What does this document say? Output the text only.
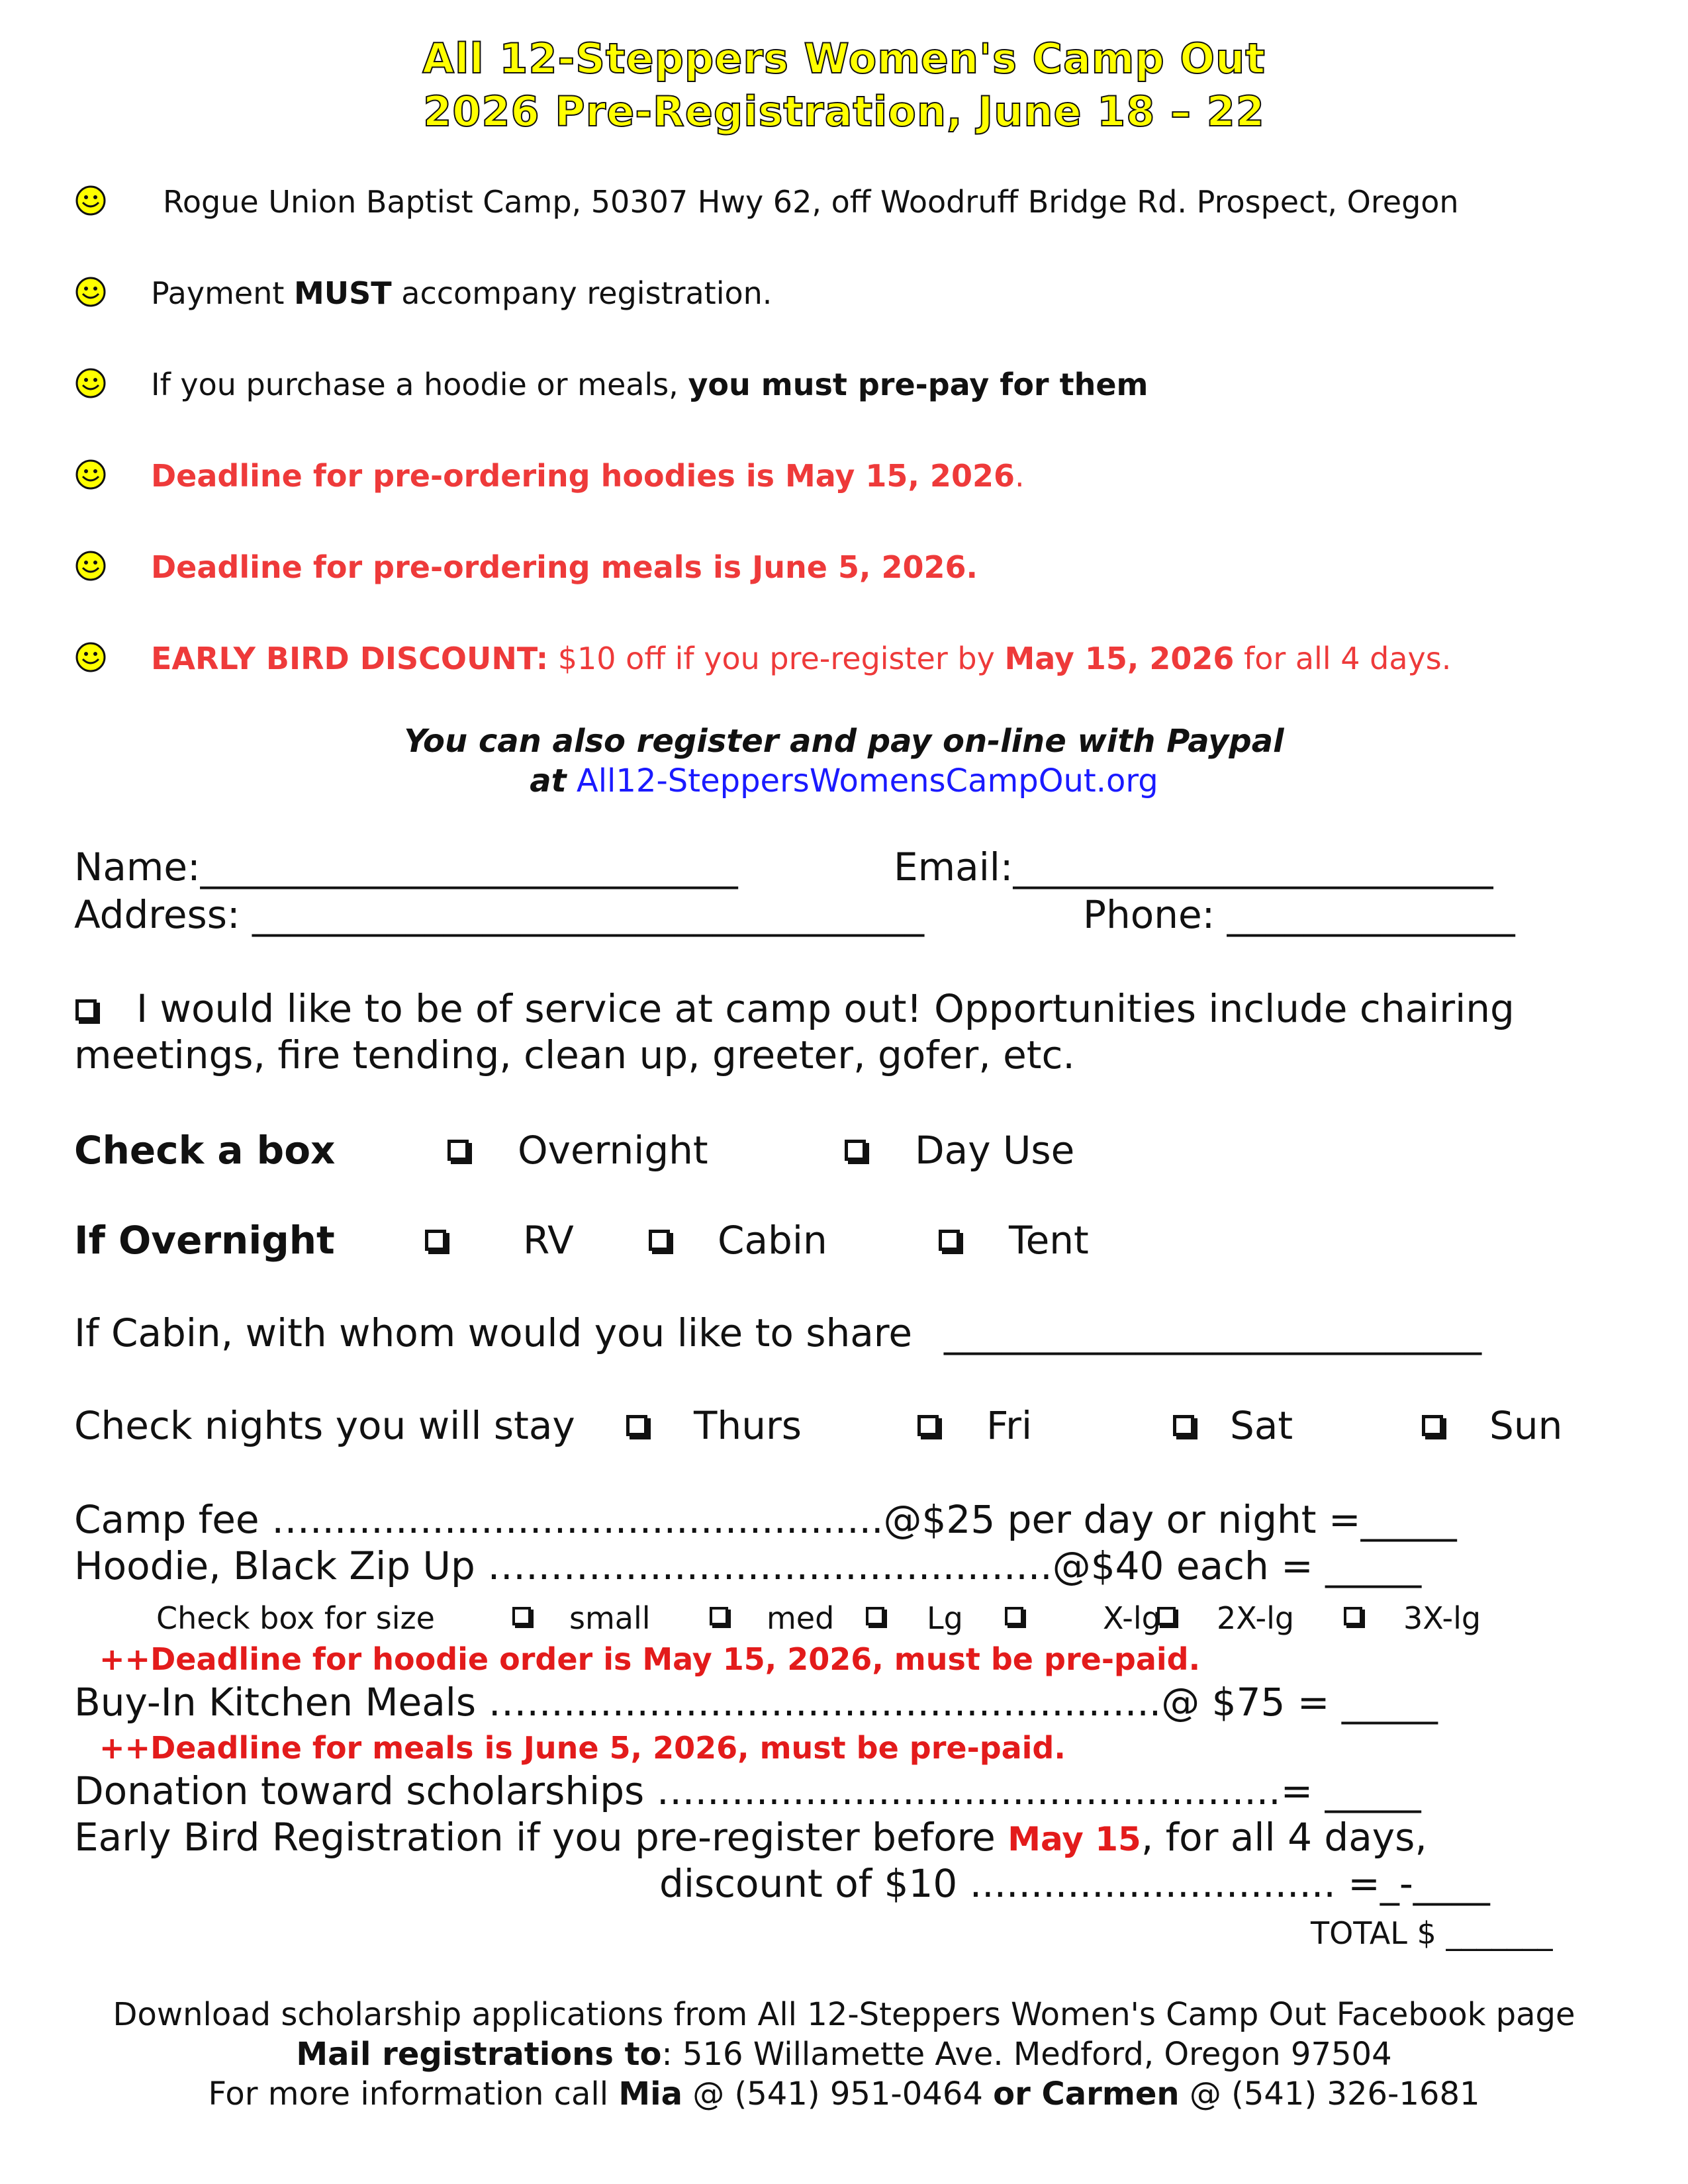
All 12-Steppers Women's Camp Out
2026 Pre-Registration, June 18 – 22
Rogue Union Baptist Camp, 50307 Hwy 62, off Woodruff Bridge Rd. Prospect, Oregon
Payment MUST accompany registration.
If you purchase a hoodie or meals, you must pre-pay for them
Deadline for pre-ordering hoodies is May 15, 2026.
Deadline for pre-ordering meals is June 5, 2026.
EARLY BIRD DISCOUNT: $10 off if you pre-register by May 15, 2026 for all 4 days.
You can also register and pay on-line with Paypal
at All12-SteppersWomensCampOut.org
Name:____________________________	Email:_________________________
Address: ___________________________________	Phone: _______________
I would like to be of service at camp out! Opportunities include chairing
meetings, fire tending, clean up, greeter, gofer, etc.
Check a box	Overnight	Day Use
If Overnight	RV	Cabin	Tent
If Cabin, with whom would you like to share ____________________________
Check nights you will stay	Thurs	Fri	Sat	Sun
Camp fee …...............................................@$25 per day or night =_____
Hoodie, Black Zip Up …..…......................................@$40 each = _____
Check box for size	small	med	Lg	X-lg 2X-lg	3X-lg
++Deadline for hoodie order is May 15, 2026, must be pre-paid.
Buy-In Kitchen Meals …....................................................@ $75 = _____
++Deadline for meals is June 5, 2026, must be pre-paid.
Donation toward scholarships …................................................= _____
Early Bird Registration if you pre-register before May 15, for all 4 days,
discount of $10 .............................. =_-____
TOTAL $ _______
Download scholarship applications from All 12-Steppers Women's Camp Out Facebook page
Mail registrations to: 516 Willamette Ave. Medford, Oregon 97504
For more information call Mia @ (541) 951-0464 or Carmen @ (541) 326-1681
